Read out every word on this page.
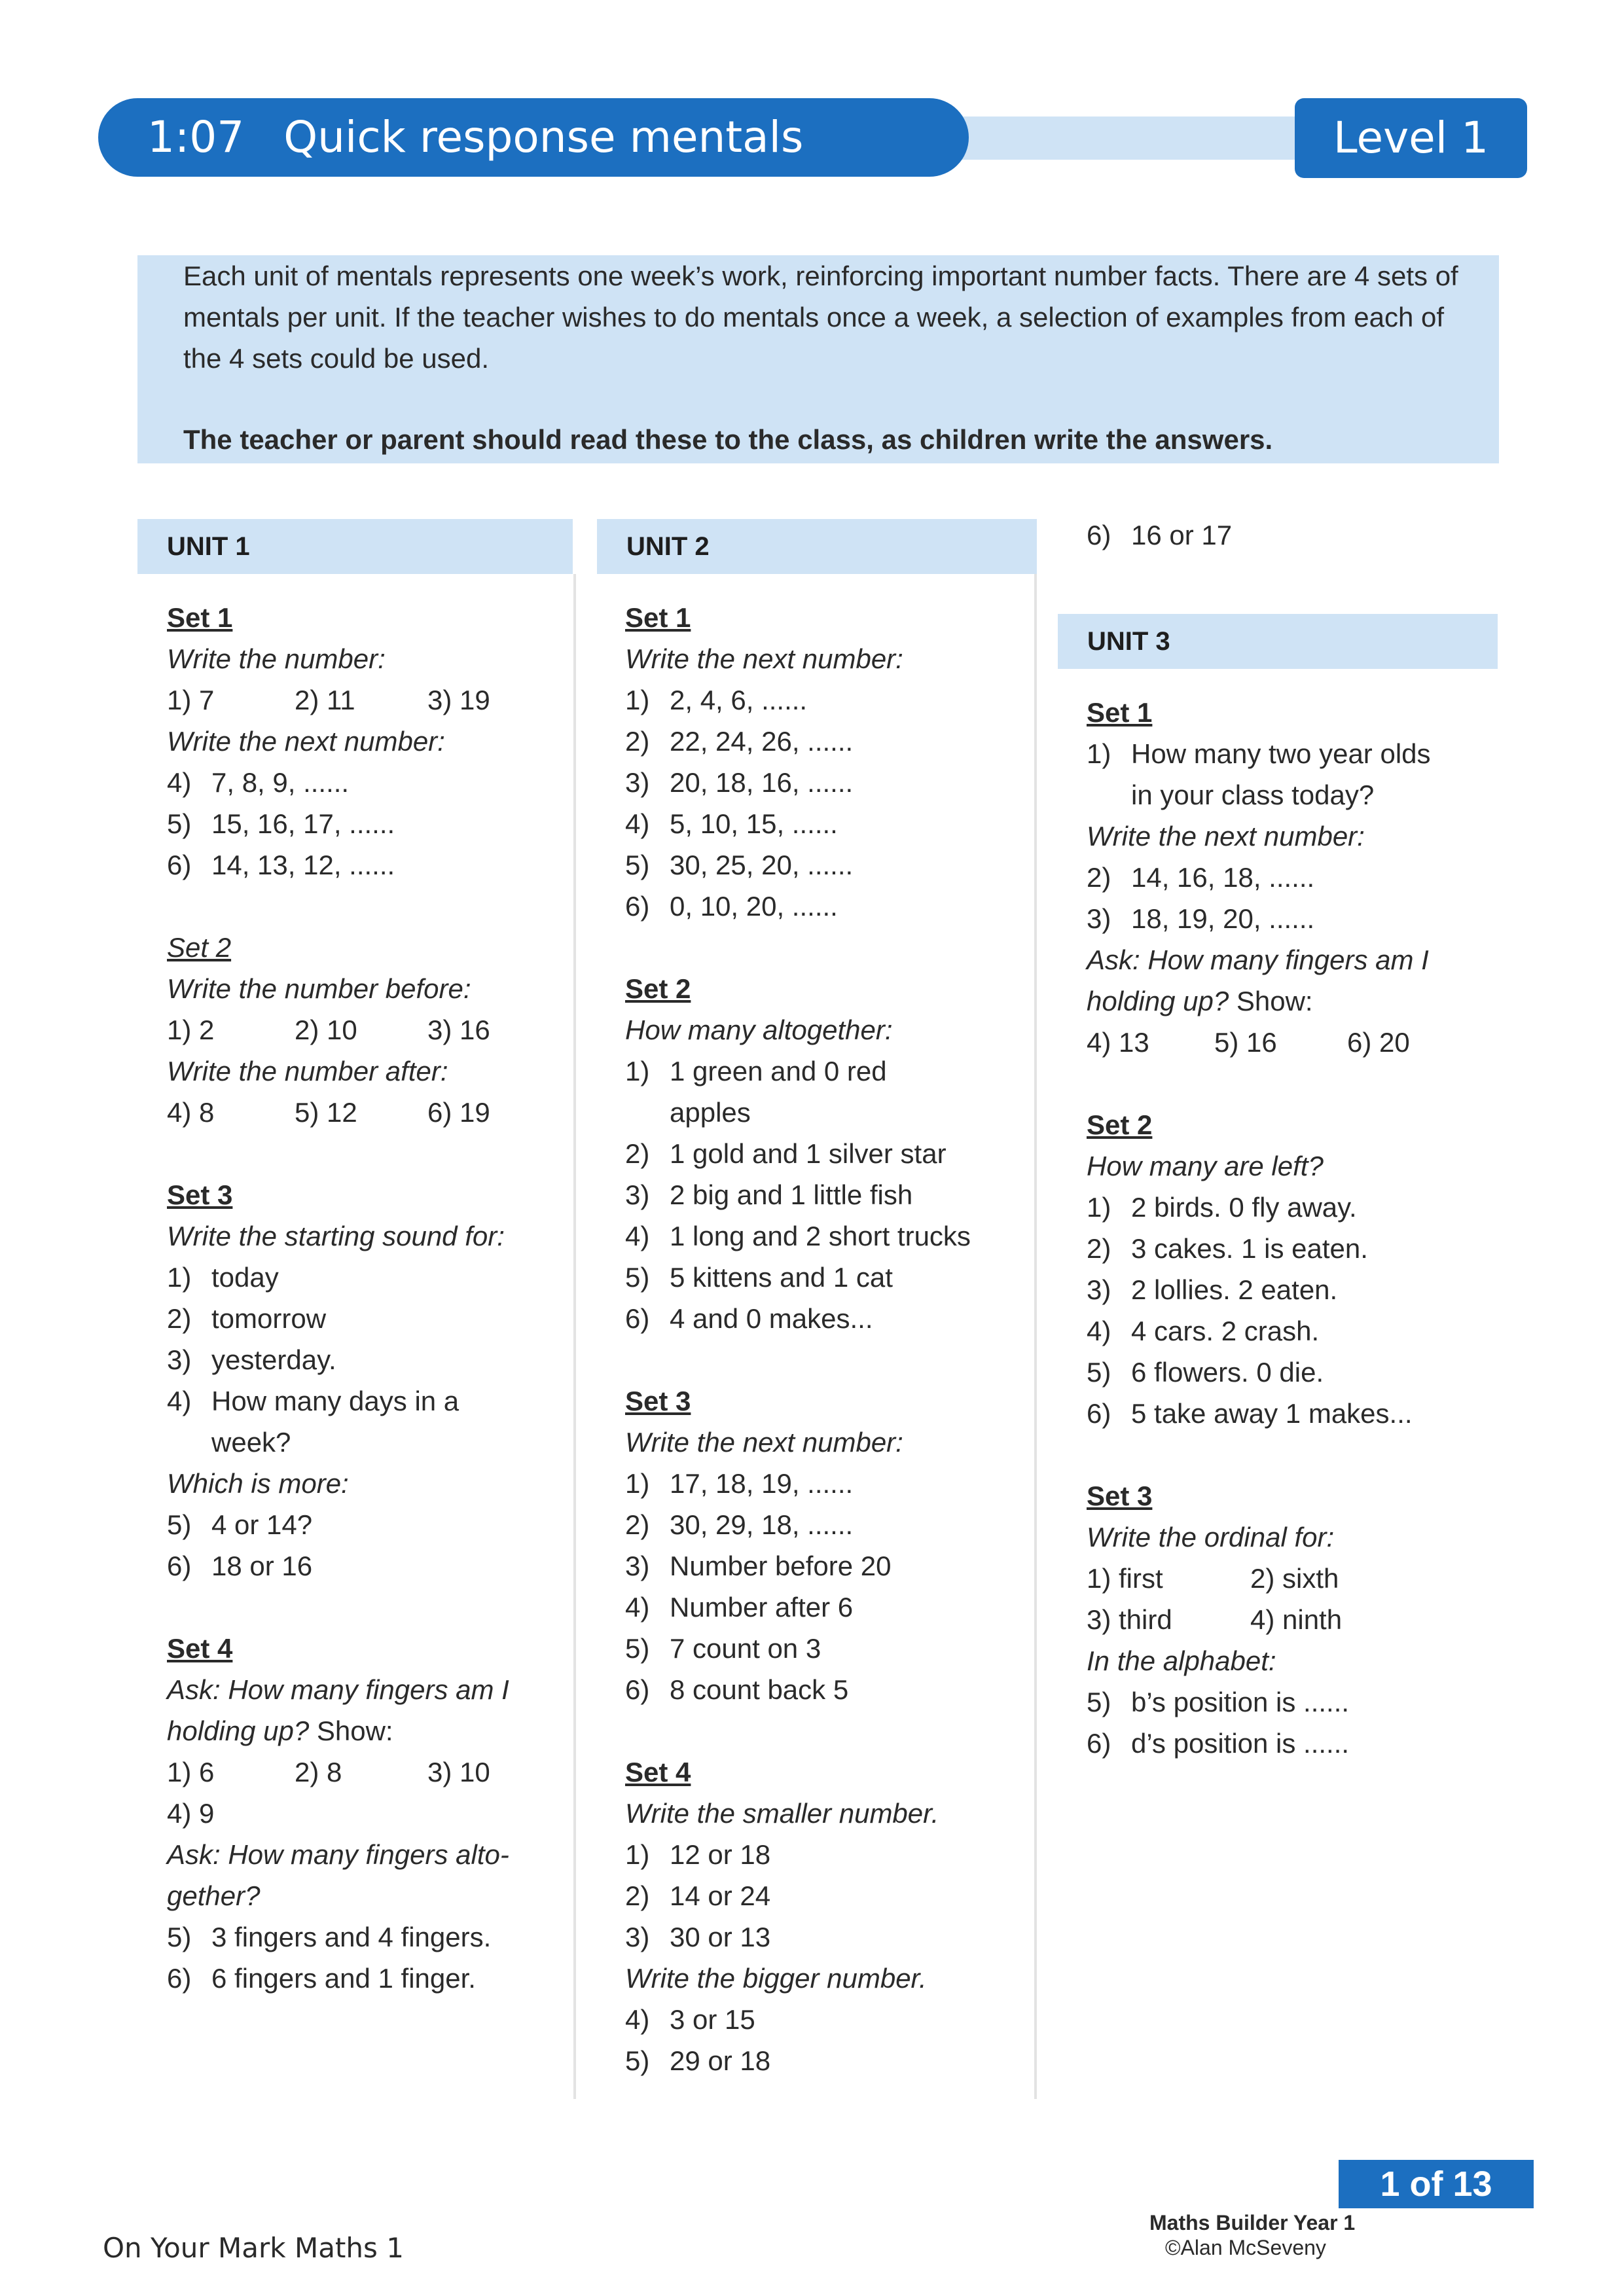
1:07 Quick response mentals	Level 1

Each unit of mentals represents one week’s work, reinforcing important number facts. There are 4 sets of mentals per unit. If the teacher wishes to do mentals once a week, a selection of examples from each of the 4 sets could be used.

The teacher or parent should read these to the class, as children write the answers.

UNIT 1	UNIT 2
UNIT 3
Set 1
Write the number:
1) 7	2) 11	3) 19
Write the next number:
4) 7, 8, 9, ......
5) 15, 16, 17, ......
6) 14, 13, 12, ......
Set 2
Write the number before:
1) 2	2) 10	3) 16
Write the number after:
4) 8	5) 12	6) 19
Set 3
Write the starting sound for:
1) today
2) tomorrow
3) yesterday.
4) How many days in a
week?
Which is more:
5) 4 or 14?
6) 18 or 16
Set 4
Ask: How many fingers am I
holding up? Show:
1) 6	2) 8	3) 10
4) 9
Ask: How many fingers alto-
gether?
5) 3 fingers and 4 fingers.
6) 6 fingers and 1 finger.
Set 1
Write the next number:
1) 2, 4, 6, ......
2) 22, 24, 26, ......
3) 20, 18, 16, ......
4) 5, 10, 15, ......
5) 30, 25, 20, ......
6) 0, 10, 20, ......
Set 2
How many altogether:
1) 1 green and 0 red
apples
2) 1 gold and 1 silver star
3) 2 big and 1 little fish
4) 1 long and 2 short trucks
5) 5 kittens and 1 cat
6) 4 and 0 makes...
Set 3
Write the next number:
1) 17, 18, 19, ......
2) 30, 29, 18, ......
3) Number before 20
4) Number after 6
5) 7 count on 3
6) 8 count back 5
Set 4
Write the smaller number.
1) 12 or 18
2) 14 or 24
3) 30 or 13
Write the bigger number.
4) 3 or 15
5) 29 or 18
6) 16 or 17
Set 1
1) How many two year olds
in your class today?
Write the next number:
2) 14, 16, 18, ......
3) 18, 19, 20, ......
Ask: How many fingers am I
holding up? Show:
4) 13 5) 16	6) 20
Set 2
How many are left?
1) 2 birds. 0 fly away.
2) 3 cakes. 1 is eaten.
3) 2 lollies. 2 eaten.
4) 4 cars. 2 crash.
5) 6 flowers. 0 die.
6) 5 take away 1 makes...
Set 3
Write the ordinal for:
1) first	2) sixth
3) third	4) ninth
In the alphabet:
5) b’s position is ......
6) d’s position is ......
1 of 13
Maths Builder Year 1
©Alan McSeveny
On Your Mark Maths 1
